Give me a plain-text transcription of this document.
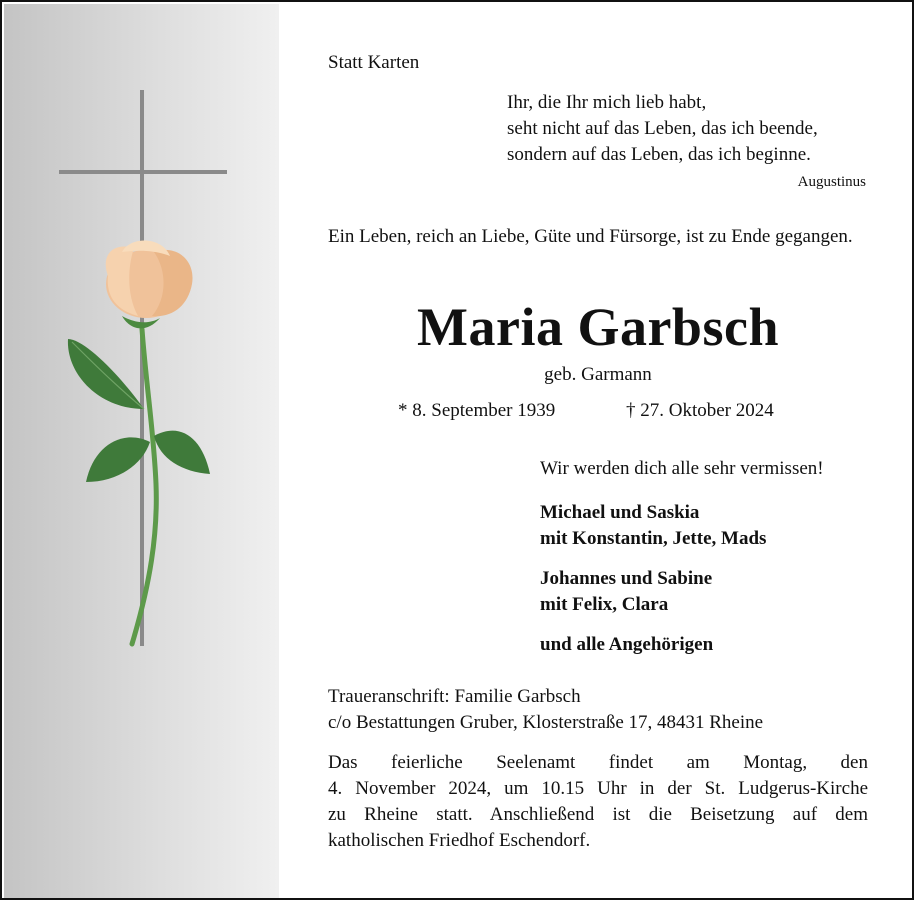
Statt Karten
Ihr, die Ihr mich lieb habt,
seht nicht auf das Leben, das ich beende,
sondern auf das Leben, das ich beginne.
Augustinus
Ein Leben, reich an Liebe, Güte und Fürsorge, ist zu Ende gegangen.
Maria Garbsch
geb. Garmann
* 8. September 1939	† 27. Oktober 2024
Wir werden dich alle sehr vermissen!
Michael und Saskia
mit Konstantin, Jette, Mads
Johannes und Sabine
mit Felix, Clara
und alle Angehörigen
Traueranschrift: Familie Garbsch
c/o Bestattungen Gruber, Klosterstraße 17, 48431 Rheine
Das feierliche Seelenamt findet am Montag, den
4. November 2024, um 10.15 Uhr in der St. Ludgerus-Kirche
zu Rheine statt. Anschließend ist die Beisetzung auf dem
katholischen Friedhof Eschendorf.
